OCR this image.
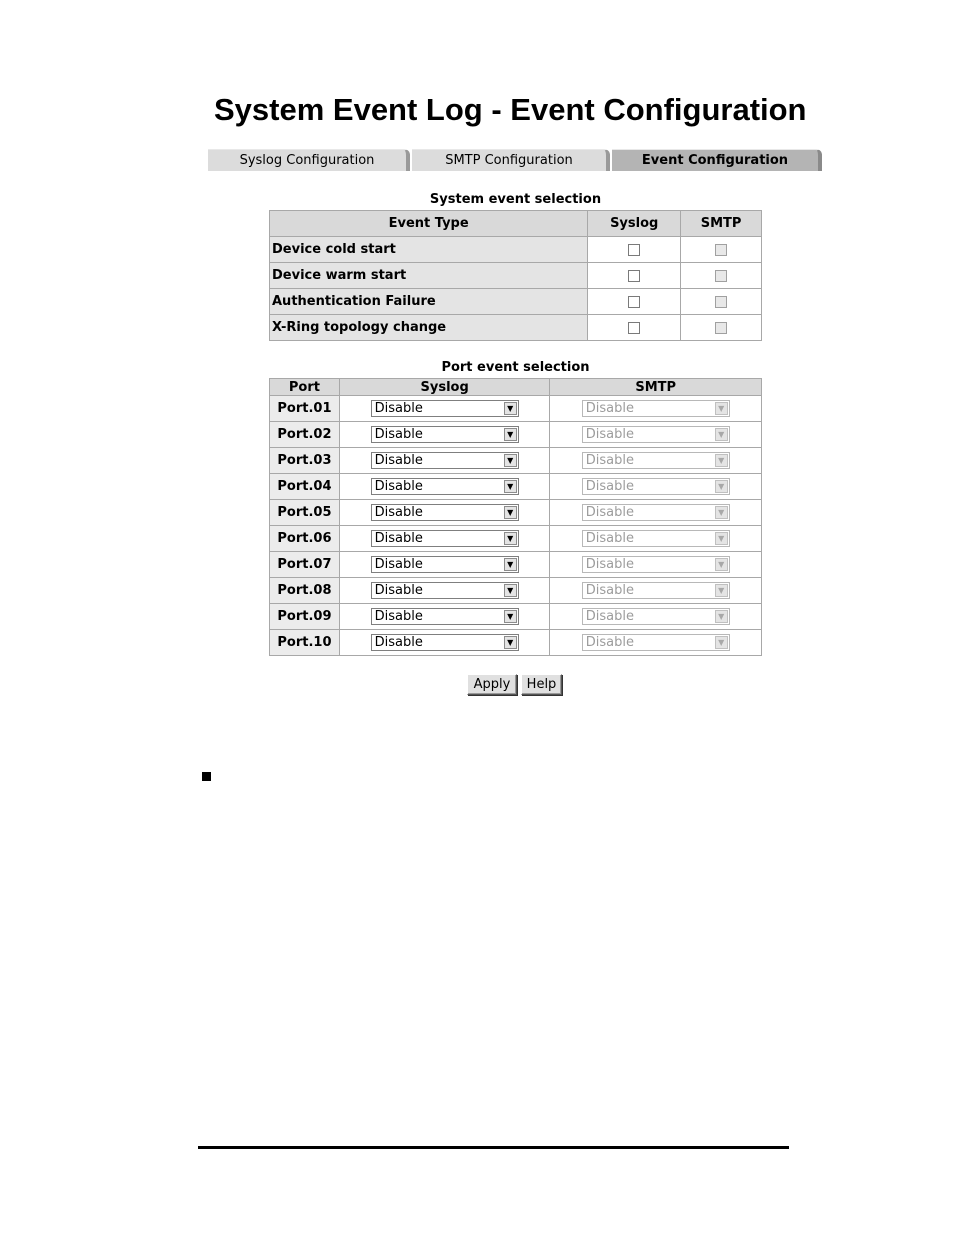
System Event Log - Event Configuration
Syslog Configuration	SMTP Configuration	Event Configuration
System event selection
Event Type	Syslog	SMTP
Device cold start		
Device warm start		
Authentication Failure		
X-Ring topology change		
Port event selection
Port	Syslog	SMTP
Port.01	Disable ▼	Disable ▼

Port.02	Disable ▼	Disable ▼

Port.03	Disable ▼	Disable ▼

Port.04	Disable ▼	Disable ▼

Port.05	Disable ▼	Disable ▼

Port.06	Disable ▼	Disable ▼

Port.07	Disable ▼	Disable ▼

Port.08	Disable ▼	Disable ▼

Port.09	Disable ▼	Disable ▼

Port.10	Disable ▼	Disable ▼
Apply	Help
